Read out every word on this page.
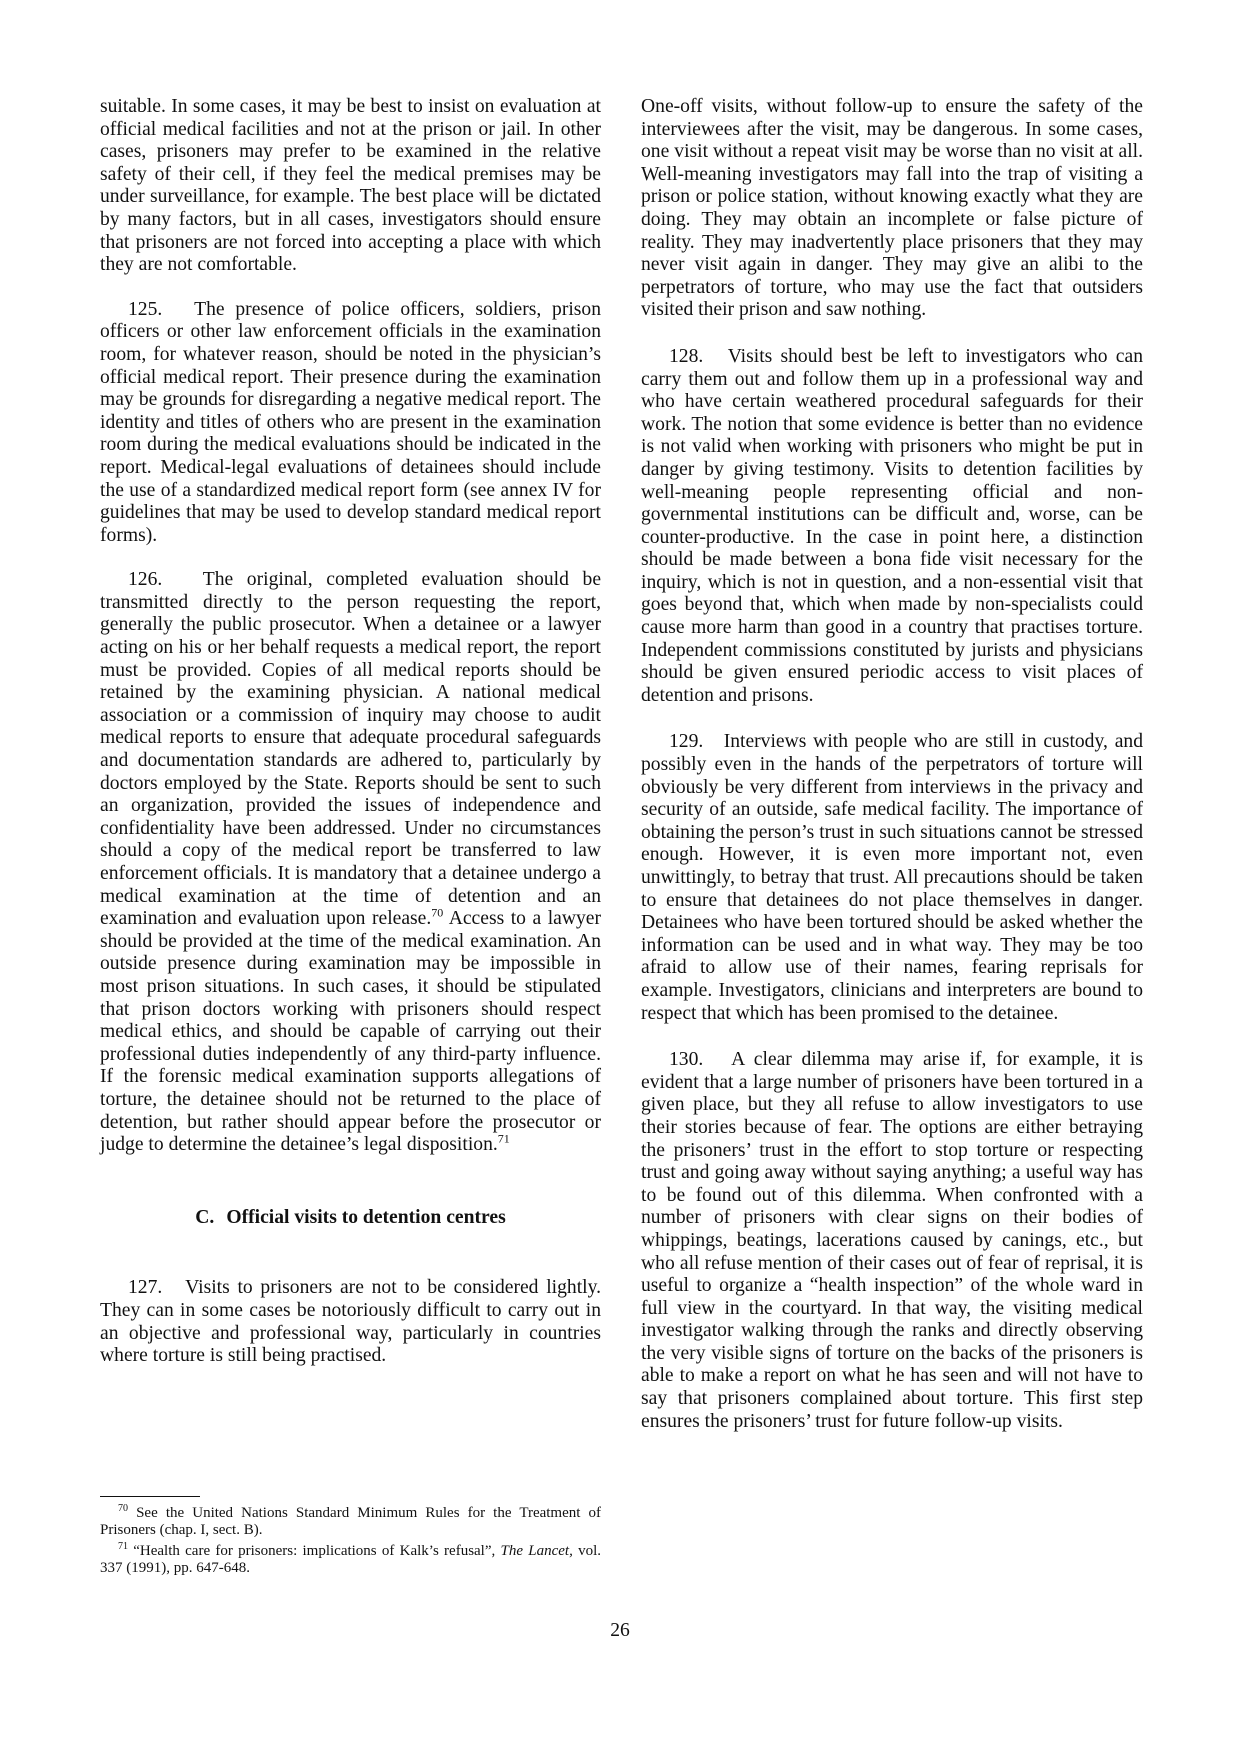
suitable. In some cases, it may be best to insist on evaluation at official medical facilities and not at the prison or jail. In other cases, prisoners may prefer to be examined in the relative safety of their cell, if they feel the medical premises may be under surveillance, for example. The best place will be dictated by many factors, but in all cases, investigators should ensure that prisoners are not forced into accepting a place with which they are not comfortable.

125. The presence of police officers, soldiers, prison officers or other law enforcement officials in the examination room, for whatever reason, should be noted in the physician’s official medical report. Their presence during the examination may be grounds for disregarding a negative medical report. The identity and titles of others who are present in the examination room during the medical evaluations should be indicated in the report. Medical-legal evaluations of detainees should include the use of a standardized medical report form (see annex IV for guidelines that may be used to develop standard medical report forms).

126. The original, completed evaluation should be transmitted directly to the person requesting the report, generally the public prosecutor. When a detainee or a lawyer acting on his or her behalf requests a medical report, the report must be provided. Copies of all medical reports should be retained by the examining physician. A national medical association or a commission of inquiry may choose to audit medical reports to ensure that adequate procedural safeguards and documentation standards are adhered to, particularly by doctors employed by the State. Reports should be sent to such an organization, provided the issues of independence and confidentiality have been addressed. Under no circumstances should a copy of the medical report be transferred to law enforcement officials. It is mandatory that a detainee undergo a medical examination at the time of detention and an examination and evaluation upon release.$^{70}$ Access to a lawyer should be provided at the time of the medical examination. An outside presence during examination may be impossible in most prison situations. In such cases, it should be stipulated that prison doctors working with prisoners should respect medical ethics, and should be capable of carrying out their professional duties independently of any third-party influence. If the forensic medical examination supports allegations of torture, the detainee should not be returned to the place of detention, but rather should appear before the prosecutor or judge to determine the detainee’s legal disposition.$^{71}$

C. Official visits to detention centres

127. Visits to prisoners are not to be considered lightly. They can in some cases be notoriously difficult to carry out in an objective and professional way, particularly in countries where torture is still being practised.

$^{70}$ See the United Nations Standard Minimum Rules for the Treatment of Prisoners (chap. I, sect. B).

$^{71}$ “Health care for prisoners: implications of Kalk’s refusal”, The Lancet, vol. 337 (1991), pp. 647-648.

One-off visits, without follow-up to ensure the safety of the interviewees after the visit, may be dangerous. In some cases, one visit without a repeat visit may be worse than no visit at all. Well-meaning investigators may fall into the trap of visiting a prison or police station, without knowing exactly what they are doing. They may obtain an incomplete or false picture of reality. They may inadvertently place prisoners that they may never visit again in danger. They may give an alibi to the perpetrators of torture, who may use the fact that outsiders visited their prison and saw nothing.

128. Visits should best be left to investigators who can carry them out and follow them up in a professional way and who have certain weathered procedural safeguards for their work. The notion that some evidence is better than no evidence is not valid when working with prisoners who might be put in danger by giving testimony. Visits to detention facilities by well-meaning people representing official and non-governmental institutions can be difficult and, worse, can be counter-productive. In the case in point here, a distinction should be made between a bona fide visit necessary for the inquiry, which is not in question, and a non-essential visit that goes beyond that, which when made by non-specialists could cause more harm than good in a country that practises torture. Independent commissions constituted by jurists and physicians should be given ensured periodic access to visit places of detention and prisons.

129. Interviews with people who are still in custody, and possibly even in the hands of the perpetrators of torture will obviously be very different from interviews in the privacy and security of an outside, safe medical facility. The importance of obtaining the person’s trust in such situations cannot be stressed enough. However, it is even more important not, even unwittingly, to betray that trust. All precautions should be taken to ensure that detainees do not place themselves in danger. Detainees who have been tortured should be asked whether the information can be used and in what way. They may be too afraid to allow use of their names, fearing reprisals for example. Investigators, clinicians and interpreters are bound to respect that which has been promised to the detainee.

130. A clear dilemma may arise if, for example, it is evident that a large number of prisoners have been tortured in a given place, but they all refuse to allow investigators to use their stories because of fear. The options are either betraying the prisoners’ trust in the effort to stop torture or respecting trust and going away without saying anything; a useful way has to be found out of this dilemma. When confronted with a number of prisoners with clear signs on their bodies of whippings, beatings, lacerations caused by canings, etc., but who all refuse mention of their cases out of fear of reprisal, it is useful to organize a “health inspection” of the whole ward in full view in the courtyard. In that way, the visiting medical investigator walking through the ranks and directly observing the very visible signs of torture on the backs of the prisoners is able to make a report on what he has seen and will not have to say that prisoners complained about torture. This first step ensures the prisoners’ trust for future follow-up visits.

26
